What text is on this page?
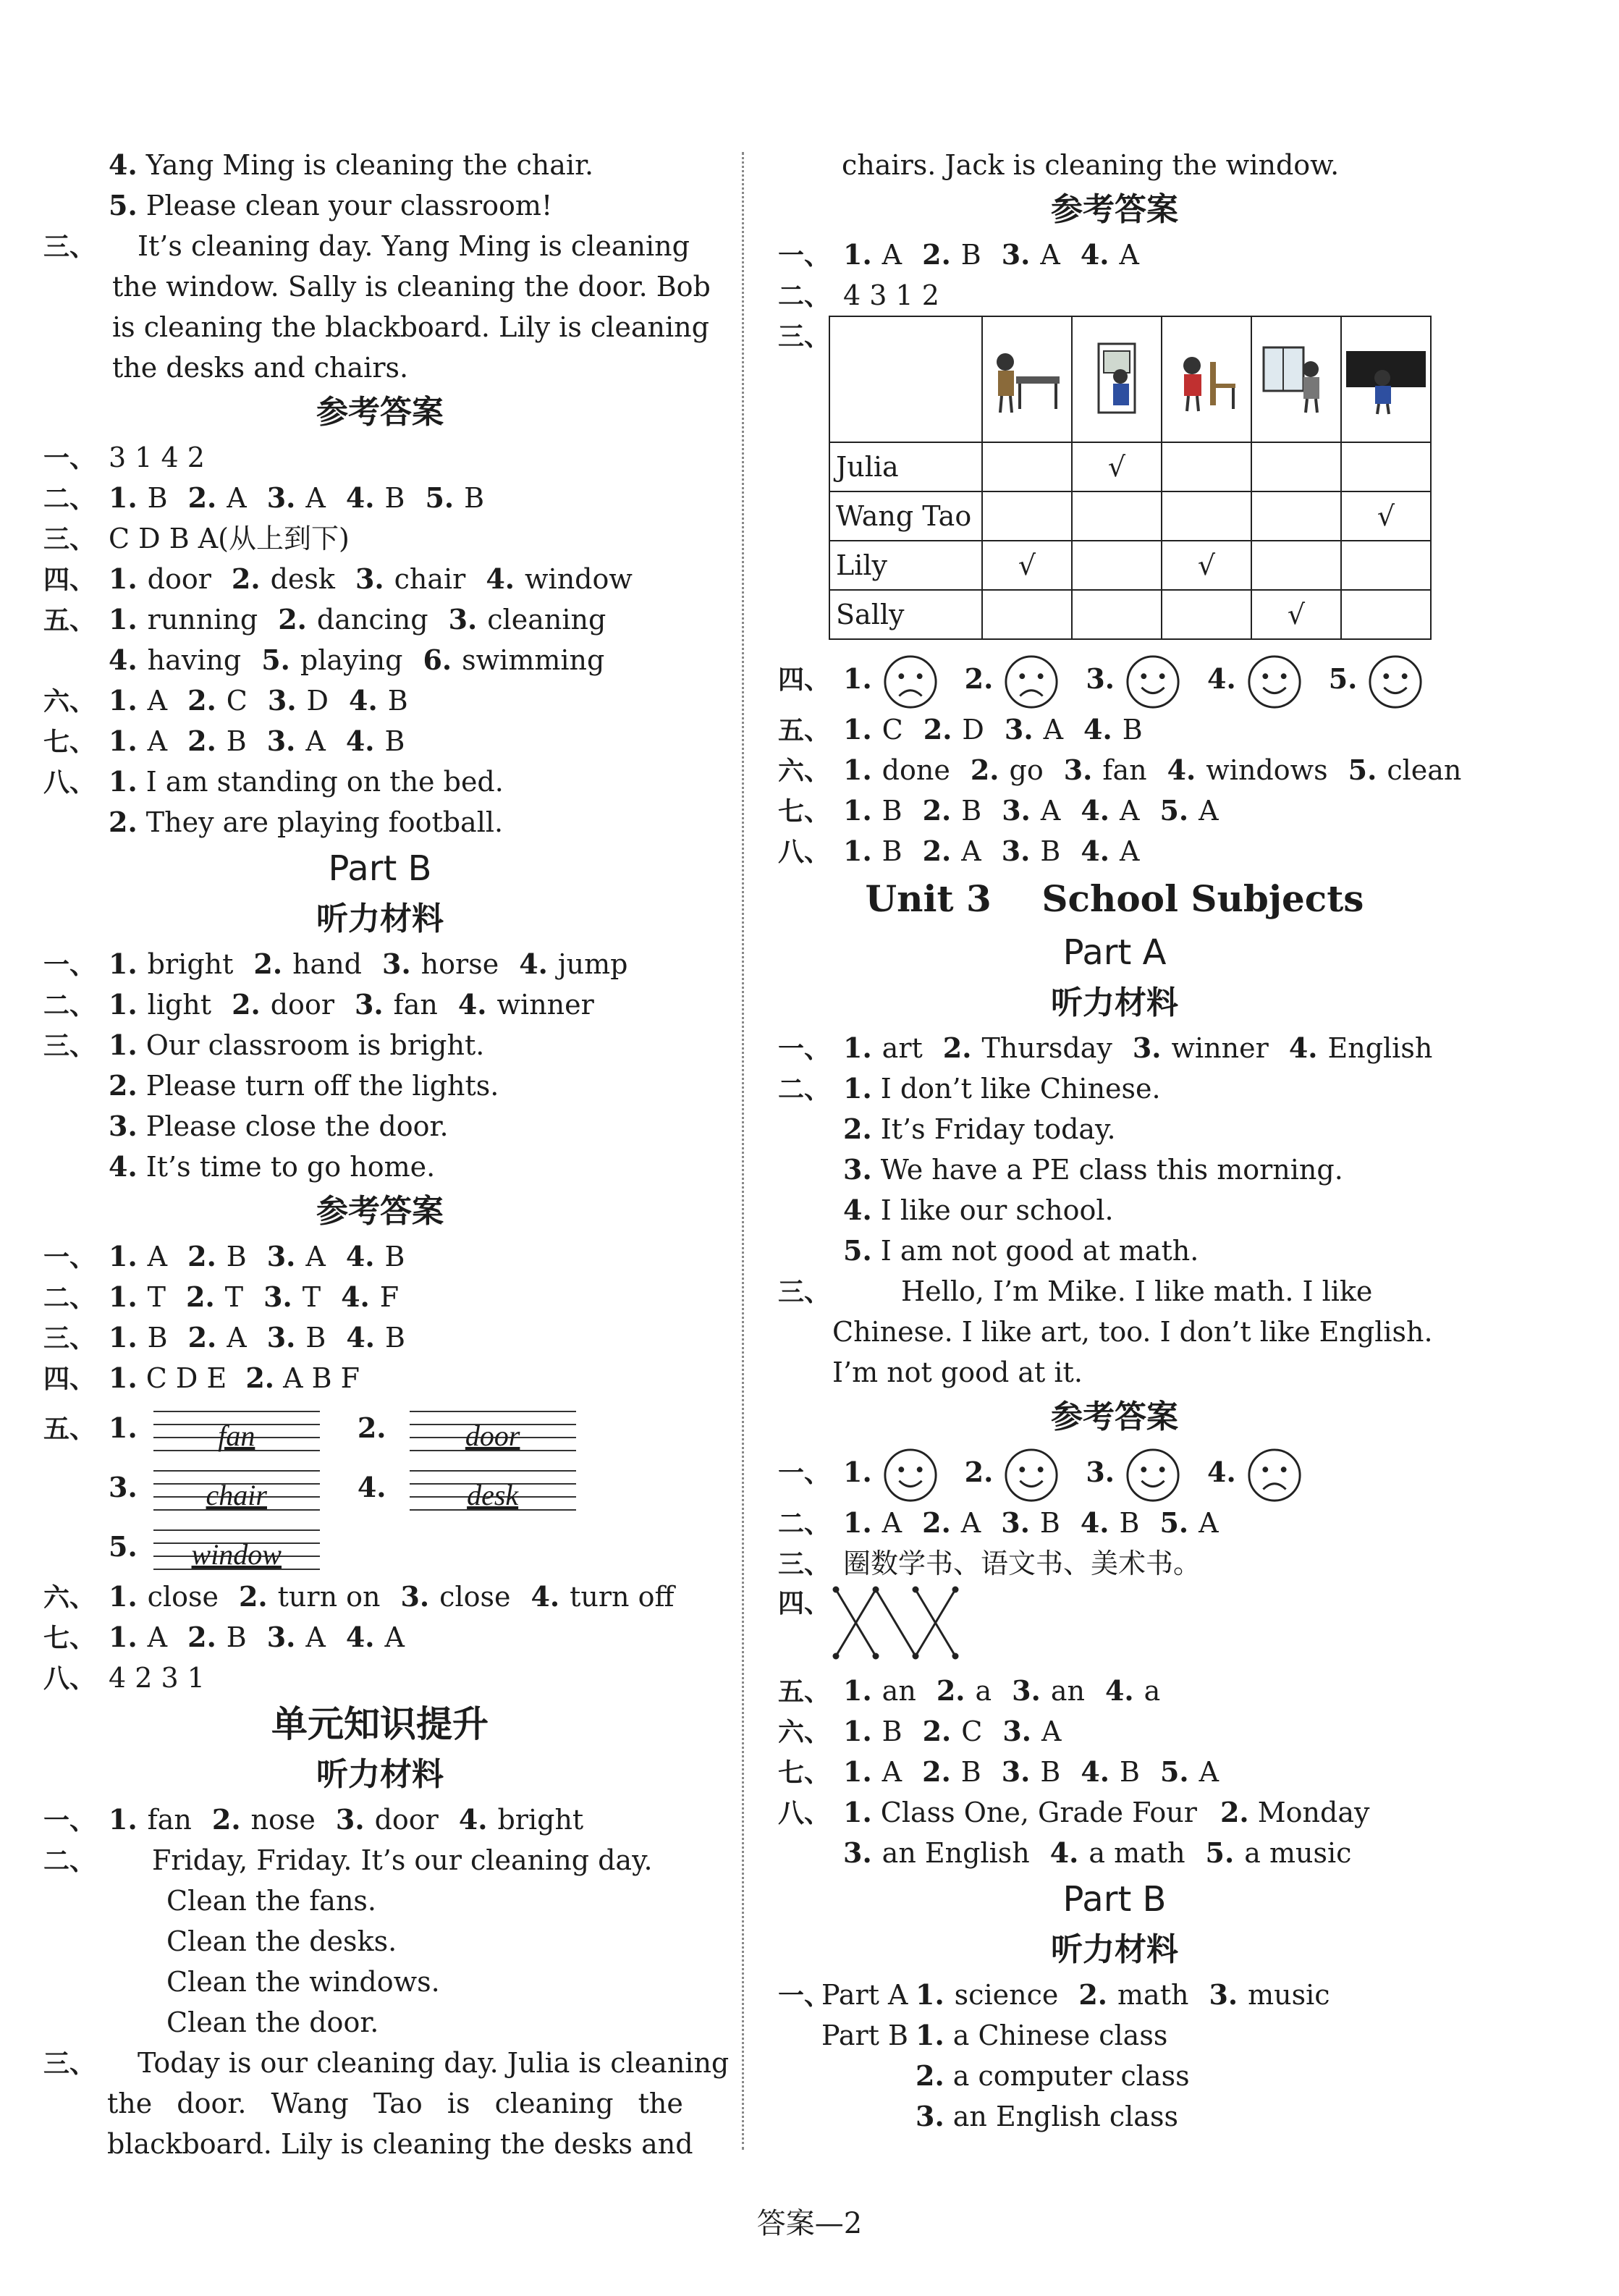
4. Yang Ming is cleaning the chair.
5. Please clean your classroom!
三、 It’s cleaning day. Yang Ming is cleaning
the window. Sally is cleaning the door. Bob
is cleaning the blackboard. Lily is cleaning
the desks and chairs.
参考答案
一、 3 1 4 2
二、 1. B 2. A 3. A 4. B 5. B
三、 C D B A(从上到下)
四、 1. door 2. desk 3. chair 4. window
五、 1. running 2. dancing 3. cleaning
4. having 5. playing 6. swimming
六、 1. A 2. C 3. D 4. B
七、 1. A 2. B 3. A 4. B
八、 1. I am standing on the bed.
2. They are playing football.
Part B
听力材料
一、 1. bright 2. hand 3. horse 4. jump
二、 1. light 2. door 3. fan 4. winner
三、 1. Our classroom is bright.
2. Please turn off the lights.
3. Please close the door.
4. It’s time to go home.
参考答案
一、 1. A 2. B 3. A 4. B
二、 1. T 2. T 3. T 4. F
三、 1. B 2. A 3. B 4. B
四、 1. C D E 2. A B F
五、 1.	fan	2.	door
3.	chair	4.	desk
5.	window
六、 1. close 2. turn on 3. close 4. turn off
七、 1. A 2. B 3. A 4. A
八、 4 2 3 1
单元知识提升
听力材料
一、 1. fan 2. nose 3. door 4. bright
二、 Friday, Friday. It’s our cleaning day.
Clean the fans.
Clean the desks.
Clean the windows.
Clean the door.
三、 Today is our cleaning day. Julia is cleaning
the door. Wang Tao is cleaning the
blackboard. Lily is cleaning the desks and
chairs. Jack is cleaning the window.
参考答案
一、 1. A 2. B 3. A 4. A
二、 4 3 1 2
三、

Julia		√			
Wang Tao					√
Lily	√		√		
Sally				√	
四、 1.	2.	3.	4.	5.
五、 1. C 2. D 3. A 4. B
六、 1. done 2. go 3. fan 4. windows 5. clean
七、 1. B 2. B 3. A 4. A 5. A
八、 1. B 2. A 3. B 4. A
Unit 3    School Subjects
Part A
听力材料
一、 1. art 2. Thursday 3. winner 4. English
二、 1. I don’t like Chinese.
2. It’s Friday today.
3. We have a PE class this morning.
4. I like our school.
5. I am not good at math.
三、	Hello, I’m Mike. I like math. I like
Chinese. I like art, too. I don’t like English.
I’m not good at it.
参考答案
一、 1.	2.	3.	4.
二、 1. A 2. A 3. B 4. B 5. A
三、 圈数学书、语文书、美术书。
四、
五、 1. an 2. a 3. an 4. a
六、 1. B 2. C 3. A
七、 1. A 2. B 3. B 4. B 5. A
八、 1. Class One, Grade Four 2. Monday
3. an English 4. a math 5. a music
Part B
听力材料
一、Part A 1. science 2. math 3. music
Part B 1. a Chinese class
2. a computer class
3. an English class
答案—2
